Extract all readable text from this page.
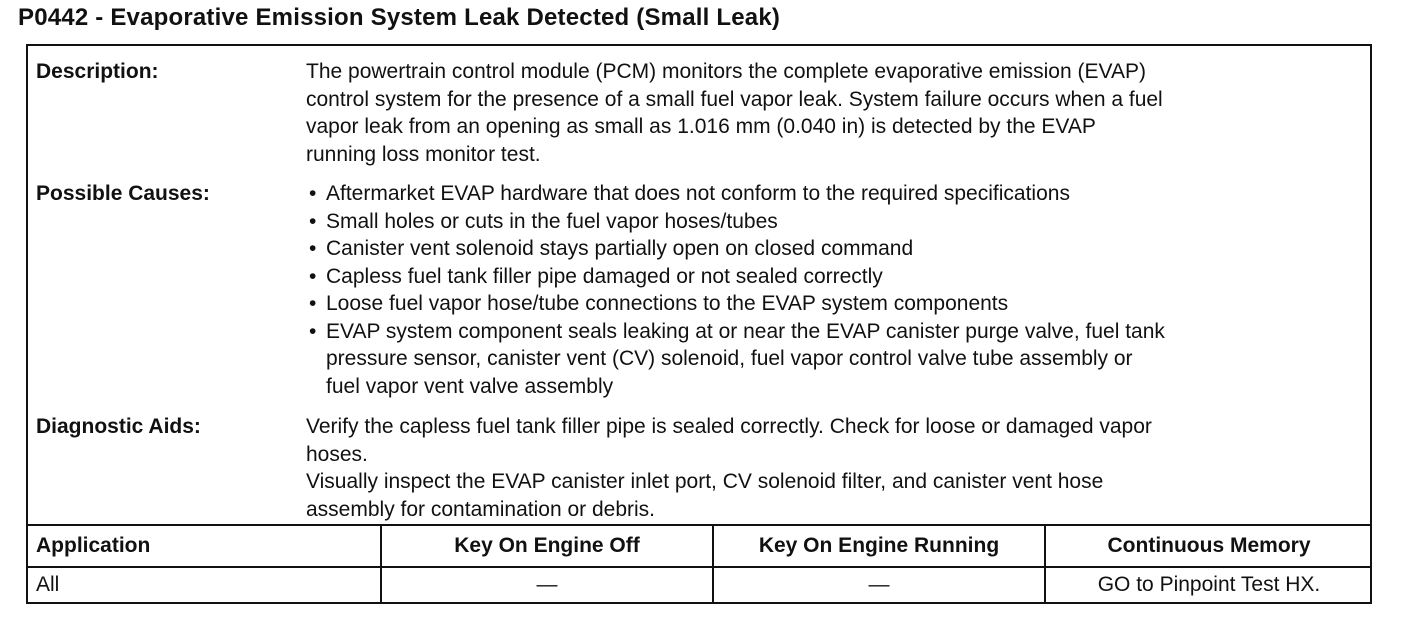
P0442 - Evaporative Emission System Leak Detected (Small Leak)
Description:	The powertrain control module (PCM) monitors the complete evaporative emission (EVAP)
control system for the presence of a small fuel vapor leak. System failure occurs when a fuel
vapor leak from an opening as small as 1.016 mm (0.040 in) is detected by the EVAP
running loss monitor test.
Possible Causes:	• Aftermarket EVAP hardware that does not conform to the required specifications
• Small holes or cuts in the fuel vapor hoses/tubes
• Canister vent solenoid stays partially open on closed command
• Capless fuel tank filler pipe damaged or not sealed correctly
• Loose fuel vapor hose/tube connections to the EVAP system components
• EVAP system component seals leaking at or near the EVAP canister purge valve, fuel tank
pressure sensor, canister vent (CV) solenoid, fuel vapor control valve tube assembly or
fuel vapor vent valve assembly
Diagnostic Aids:	Verify the capless fuel tank filler pipe is sealed correctly. Check for loose or damaged vapor
hoses.
Visually inspect the EVAP canister inlet port, CV solenoid filter, and canister vent hose
assembly for contamination or debris.
Application	Key On Engine Off	Key On Engine Running	Continuous Memory
All	—	—	GO to Pinpoint Test HX.
